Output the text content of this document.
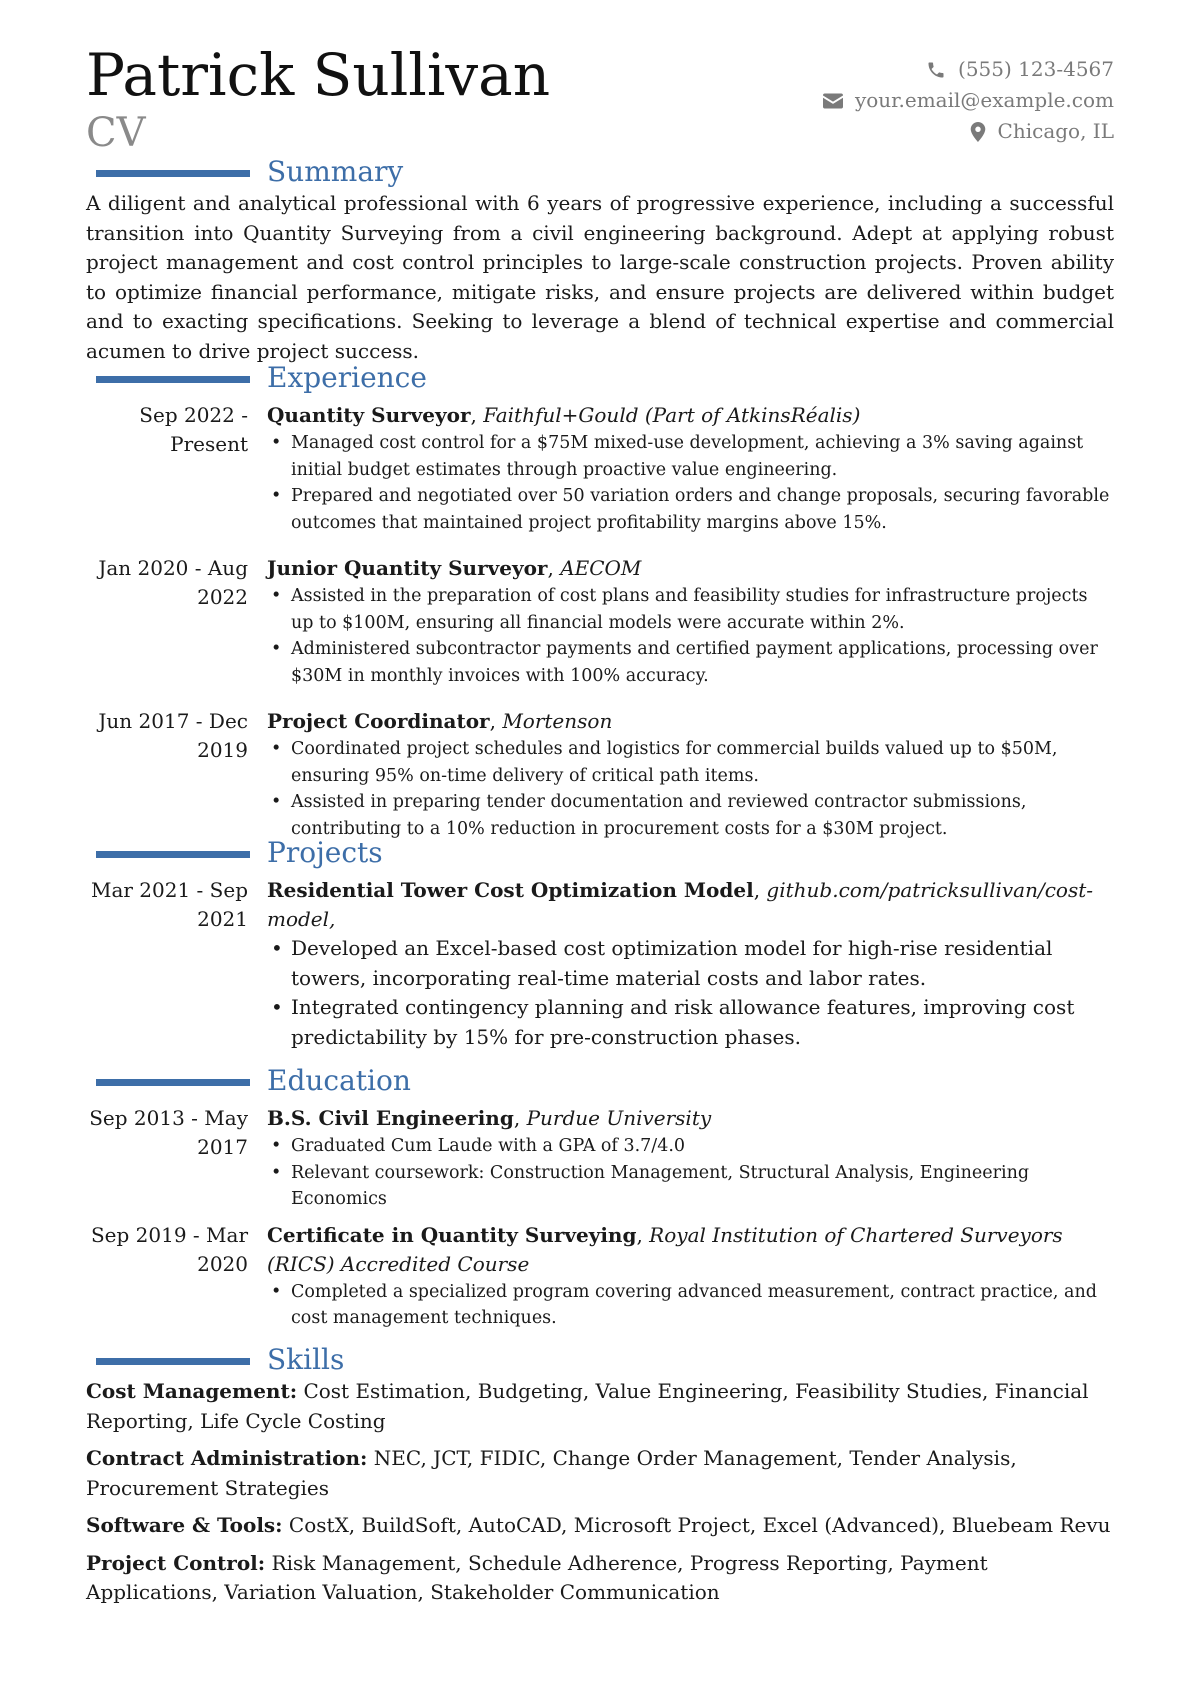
Patrick Sullivan
CV
(555) 123-4567
your.email@example.com
Chicago, IL
Summary
A diligent and analytical professional with 6 years of progressive experience, including a successful transition into Quantity Surveying from a civil engineering background. Adept at applying robust project management and cost control principles to large-scale construction projects. Proven ability to optimize financial performance, mitigate risks, and ensure projects are delivered within budget and to exacting specifications. Seeking to leverage a blend of technical expertise and commercial acumen to drive project success.
Experience
Sep 2022 - Present
Quantity Surveyor, Faithful+Gould (Part of AtkinsRéalis)
• Managed cost control for a $75M mixed-use development, achieving a 3% saving against initial budget estimates through proactive value engineering.
• Prepared and negotiated over 50 variation orders and change proposals, securing favorable outcomes that maintained project profitability margins above 15%.
Jan 2020 - Aug 2022
Junior Quantity Surveyor, AECOM
• Assisted in the preparation of cost plans and feasibility studies for infrastructure projects up to $100M, ensuring all financial models were accurate within 2%.
• Administered subcontractor payments and certified payment applications, processing over $30M in monthly invoices with 100% accuracy.
Jun 2017 - Dec 2019
Project Coordinator, Mortenson
• Coordinated project schedules and logistics for commercial builds valued up to $50M, ensuring 95% on-time delivery of critical path items.
• Assisted in preparing tender documentation and reviewed contractor submissions, contributing to a 10% reduction in procurement costs for a $30M project.
Projects
Mar 2021 - Sep 2021
Residential Tower Cost Optimization Model, github.com/patricksullivan/cost-model,
• Developed an Excel-based cost optimization model for high-rise residential towers, incorporating real-time material costs and labor rates.
• Integrated contingency planning and risk allowance features, improving cost predictability by 15% for pre-construction phases.
Education
Sep 2013 - May 2017
B.S. Civil Engineering, Purdue University
• Graduated Cum Laude with a GPA of 3.7/4.0
• Relevant coursework: Construction Management, Structural Analysis, Engineering Economics
Sep 2019 - Mar 2020
Certificate in Quantity Surveying, Royal Institution of Chartered Surveyors (RICS) Accredited Course
• Completed a specialized program covering advanced measurement, contract practice, and cost management techniques.
Skills
Cost Management: Cost Estimation, Budgeting, Value Engineering, Feasibility Studies, Financial Reporting, Life Cycle Costing
Contract Administration: NEC, JCT, FIDIC, Change Order Management, Tender Analysis, Procurement Strategies
Software & Tools: CostX, BuildSoft, AutoCAD, Microsoft Project, Excel (Advanced), Bluebeam Revu
Project Control: Risk Management, Schedule Adherence, Progress Reporting, Payment Applications, Variation Valuation, Stakeholder Communication
